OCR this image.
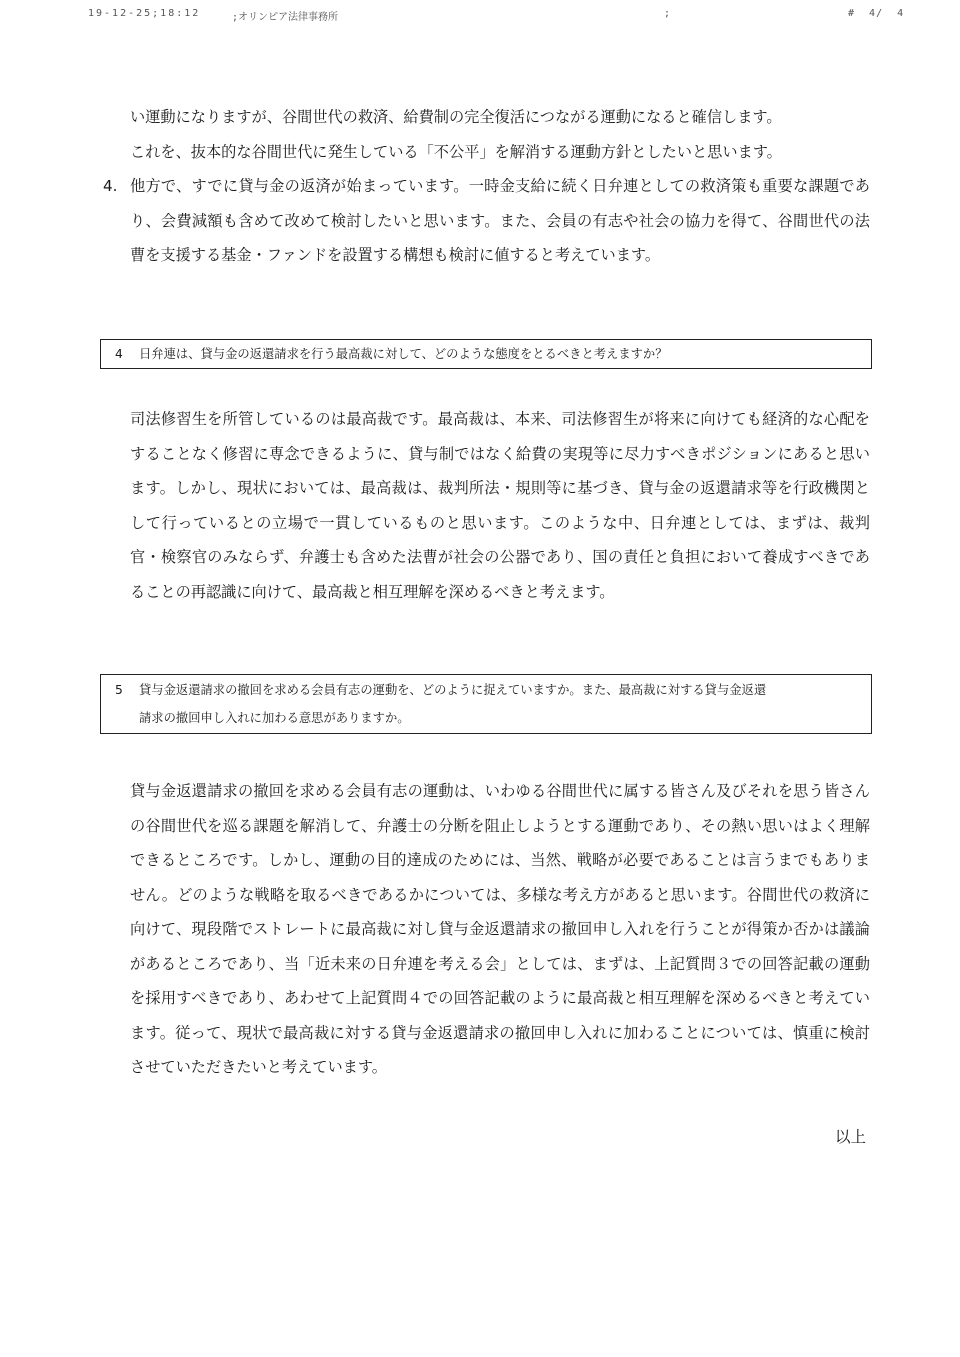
19-12-25;18:12	;オリンピア法律事務所	;	#  4/  4

い運動になりますが、谷間世代の救済、給費制の完全復活につながる運動になると確信します。

これを、抜本的な谷間世代に発生している「不公平」を解消する運動方針としたいと思います。

4. 他方で、すでに貸与金の返済が始まっています。一時金支給に続く日弁連としての救済策も重要な課題であり、会費減額も含めて改めて検討したいと思います。また、会員の有志や社会の協力を得て、谷間世代の法曹を支援する基金・ファンドを設置する構想も検討に値すると考えています。
4	日弁連は、貸与金の返還請求を行う最高裁に対して、どのような態度をとるべきと考えますか？

司法修習生を所管しているのは最高裁です。最高裁は、本来、司法修習生が将来に向けても経済的な心配をすることなく修習に専念できるように、貸与制ではなく給費の実現等に尽力すべきポジションにあると思います。しかし、現状においては、最高裁は、裁判所法・規則等に基づき、貸与金の返還請求等を行政機関として行っているとの立場で一貫しているものと思います。このような中、日弁連としては、まずは、裁判官・検察官のみならず、弁護士も含めた法曹が社会の公器であり、国の責任と負担において養成すべきであることの再認識に向けて、最高裁と相互理解を深めるべきと考えます。

5	貸与金返還請求の撤回を求める会員有志の運動を、どのように捉えていますか。また、最高裁に対する貸与金返還
請求の撤回申し入れに加わる意思がありますか。

貸与金返還請求の撤回を求める会員有志の運動は、いわゆる谷間世代に属する皆さん及びそれを思う皆さんの谷間世代を巡る課題を解消して、弁護士の分断を阻止しようとする運動であり、その熱い思いはよく理解できるところです。しかし、運動の目的達成のためには、当然、戦略が必要であることは言うまでもありません。どのような戦略を取るべきであるかについては、多様な考え方があると思います。谷間世代の救済に向けて、現段階でストレートに最高裁に対し貸与金返還請求の撤回申し入れを行うことが得策か否かは議論があるところであり、当「近未来の日弁連を考える会」としては、まずは、上記質問３での回答記載の運動を採用すべきであり、あわせて上記質問４での回答記載のように最高裁と相互理解を深めるべきと考えています。従って、現状で最高裁に対する貸与金返還請求の撤回申し入れに加わることについては、慎重に検討させていただきたいと考えています。

以上
